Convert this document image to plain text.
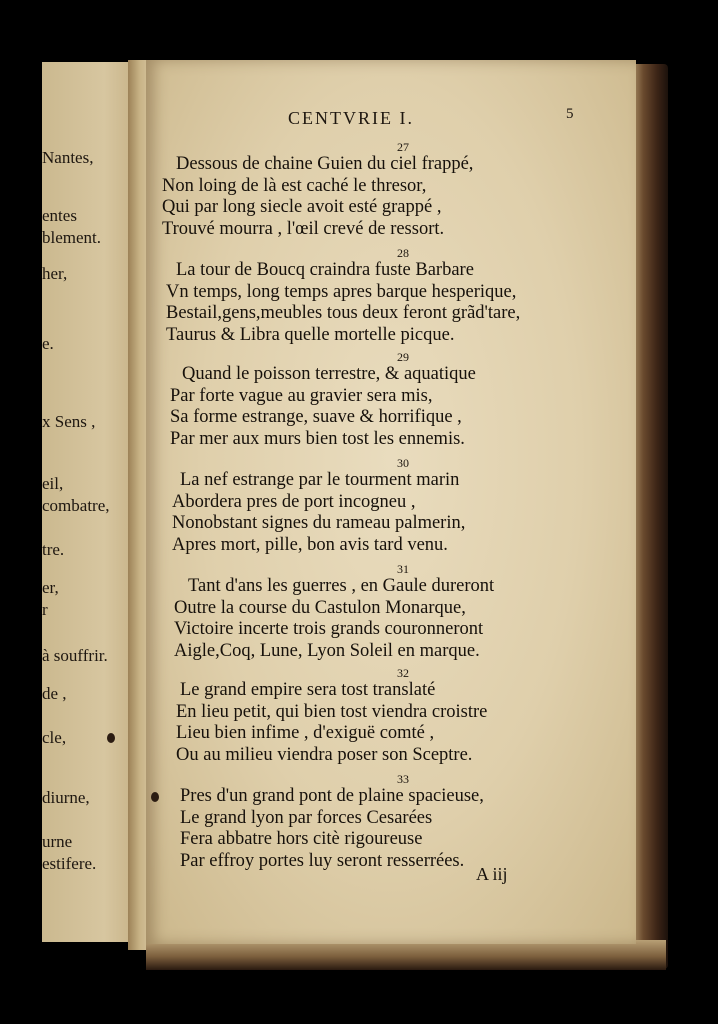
Nantes,
entes
blement.
her,
e.
x Sens ,
eil,
combatre,
tre.
er,
r
à souffrir.
de ,
cle,
diurne,
urne
estifere.
CENTVRIE I.	5
A iij
27
Dessous de chaine Guien du ciel frappé,
Non loing de là est caché le thresor,
Qui par long siecle avoit esté grappé ,
Trouvé mourra , l'œil crevé de ressort.
28
La tour de Boucq craindra fuste Barbare
Vn temps, long temps apres barque hesperique,
Bestail,gens,meubles tous deux feront grãd'tare,
Taurus & Libra quelle mortelle picque.
29
Quand le poisson terrestre, & aquatique
Par forte vague au gravier sera mis,
Sa forme estrange, suave & horrifique ,
Par mer aux murs bien tost les ennemis.
30
La nef estrange par le tourment marin
Abordera pres de port incogneu ,
Nonobstant signes du rameau palmerin,
Apres mort, pille, bon avis tard venu.
31
Tant d'ans les guerres , en Gaule dureront
Outre la course du Castulon Monarque,
Victoire incerte trois grands couronneront
Aigle,Coq, Lune, Lyon Soleil en marque.
32
Le grand empire sera tost translaté
En lieu petit, qui bien tost viendra croistre
Lieu bien infime , d'exiguë comté ,
Ou au milieu viendra poser son Sceptre.
33
Pres d'un grand pont de plaine spacieuse,
Le grand lyon par forces Cesarées
Fera abbatre hors citè rigoureuse
Par effroy portes luy seront resserrées.
